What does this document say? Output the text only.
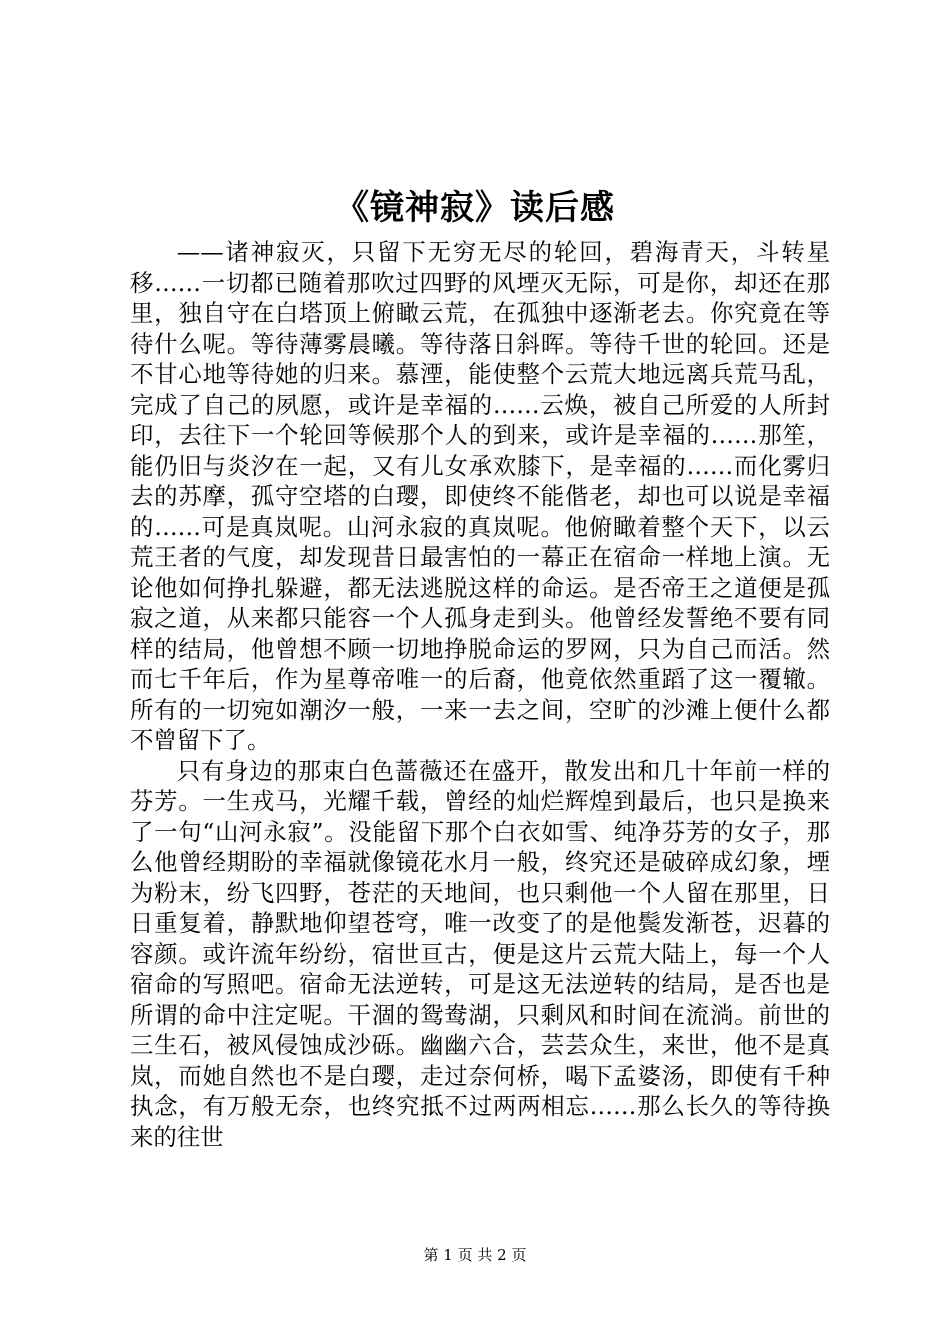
《镜神寂》读后感

——诸神寂灭，只留下无穷无尽的轮回，碧海青天，斗转星移……一切都已随着那吹过四野的风堙灭无际，可是你，却还在那里，独自守在白塔顶上俯瞰云荒，在孤独中逐渐老去。你究竟在等待什么呢。等待薄雾晨曦。等待落日斜晖。等待千世的轮回。还是不甘心地等待她的归来。慕湮，能使整个云荒大地远离兵荒马乱，完成了自己的夙愿，或许是幸福的……云焕，被自己所爱的人所封印，去往下一个轮回等候那个人的到来，或许是幸福的……那笙，能仍旧与炎汐在一起，又有儿女承欢膝下，是幸福的……而化雾归去的苏摩，孤守空塔的白璎，即使终不能偕老，却也可以说是幸福的……可是真岚呢。山河永寂的真岚呢。他俯瞰着整个天下，以云荒王者的气度，却发现昔日最害怕的一幕正在宿命一样地上演。无论他如何挣扎躲避，都无法逃脱这样的命运。是否帝王之道便是孤寂之道，从来都只能容一个人孤身走到头。他曾经发誓绝不要有同样的结局，他曾想不顾一切地挣脱命运的罗网，只为自己而活。然而七千年后，作为星尊帝唯一的后裔，他竟依然重蹈了这一覆辙。所有的一切宛如潮汐一般，一来一去之间，空旷的沙滩上便什么都不曾留下了。

只有身边的那束白色蔷薇还在盛开，散发出和几十年前一样的芬芳。一生戎马，光耀千载，曾经的灿烂辉煌到最后，也只是换来了一句“山河永寂”。没能留下那个白衣如雪、纯净芬芳的女子，那么他曾经期盼的幸福就像镜花水月一般，终究还是破碎成幻象，堙为粉末，纷飞四野，苍茫的天地间，也只剩他一个人留在那里，日日重复着，静默地仰望苍穹，唯一改变了的是他鬓发渐苍，迟暮的容颜。或许流年纷纷，宿世亘古，便是这片云荒大陆上，每一个人宿命的写照吧。宿命无法逆转，可是这无法逆转的结局，是否也是所谓的命中注定呢。干涸的鸳鸯湖，只剩风和时间在流淌。前世的三生石，被风侵蚀成沙砾。幽幽六合，芸芸众生，来世，他不是真岚，而她自然也不是白璎，走过奈何桥，喝下孟婆汤，即使有千种执念，有万般无奈，也终究抵不过两两相忘……那么长久的等待换来的往世

第 1 页 共 2 页
